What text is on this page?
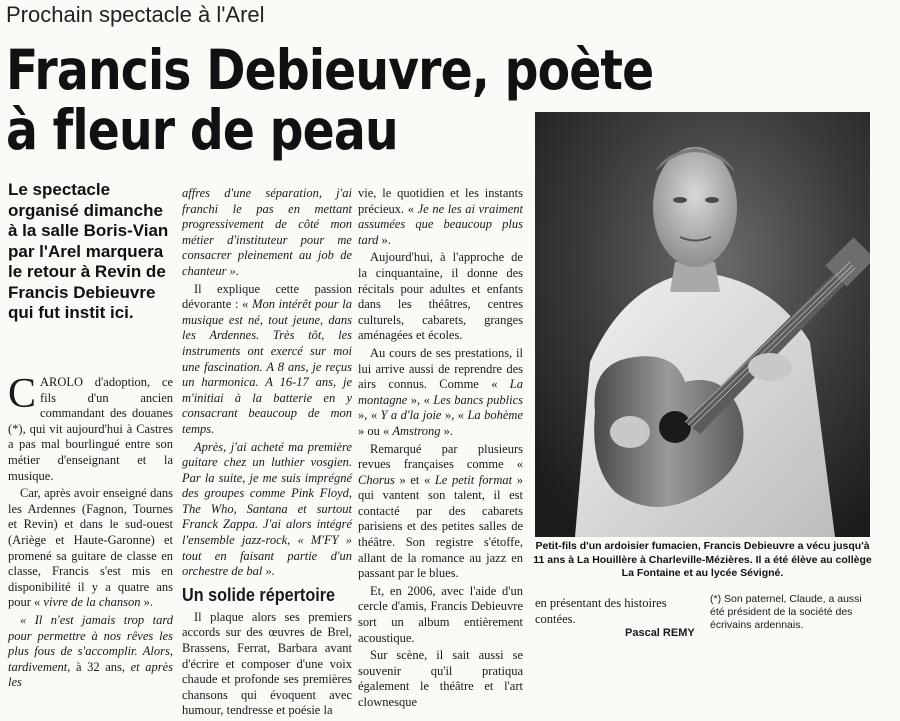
Prochain spectacle à l'Arel
Francis Debieuvre, poète
à fleur de peau
Le spectacle organisé dimanche à la salle Boris-Vian par l'Arel marquera le retour à Revin de Francis Debieuvre qui fut instit ici.

CAROLO d'adoption, ce fils d'un ancien commandant des douanes (*), qui vit aujourd'hui à Castres a pas mal bourlingué entre son métier d'enseignant et la musique.

Car, après avoir enseigné dans les Ardennes (Fagnon, Tournes et Revin) et dans le sud-ouest (Ariège et Haute-Garonne) et promené sa guitare de classe en classe, Francis s'est mis en disponibilité il y a quatre ans pour « vivre de la chanson ».

« Il n'est jamais trop tard pour permettre à nos rêves les plus fous de s'accomplir. Alors, tardivement, à 32 ans, et après les

affres d'une séparation, j'ai franchi le pas en mettant progressivement de côté mon métier d'instituteur pour me consacrer pleinement au job de chanteur ».

Il explique cette passion dévorante : « Mon intérêt pour la musique est né, tout jeune, dans les Ardennes. Très tôt, les instruments ont exercé sur moi une fascination. A 8 ans, je reçus un harmonica. A 16-17 ans, je m'initiai à la batterie en y consacrant beaucoup de mon temps.

Après, j'ai acheté ma première guitare chez un luthier vosgien. Par la suite, je me suis imprégné des groupes comme Pink Floyd, The Who, Santana et surtout Franck Zappa. J'ai alors intégré l'ensemble jazz-rock, « M'FY » tout en faisant partie d'un orchestre de bal ».

Un solide répertoire

Il plaque alors ses premiers accords sur des œuvres de Brel, Brassens, Ferrat, Barbara avant d'écrire et composer d'une voix chaude et profonde ses premières chansons qui évoquent avec humour, tendresse et poésie la

vie, le quotidien et les instants précieux. « Je ne les ai vraiment assumées que beaucoup plus tard ».

Aujourd'hui, à l'approche de la cinquantaine, il donne des récitals pour adultes et enfants dans les théâtres, centres culturels, cabarets, granges aménagées et écoles.

Au cours de ses prestations, il lui arrive aussi de reprendre des airs connus. Comme « La montagne », « Les bancs publics », « Y a d'la joie », « La bohème » ou « Amstrong ».

Remarqué par plusieurs revues françaises comme « Chorus » et « Le petit format » qui vantent son talent, il est contacté par des cabarets parisiens et des petites salles de théâtre. Son registre s'étoffe, allant de la romance au jazz en passant par le blues.

Et, en 2006, avec l'aide d'un cercle d'amis, Francis Debieuvre sort un album entièrement acoustique.

Sur scène, il sait aussi se souvenir qu'il pratiqua également le théâtre et l'art clownesque

Petit-fils d'un ardoisier fumacien, Francis Debieuvre a vécu jusqu'à 11 ans à La Houillère à Charleville-Mézières. Il a été élève au collège La Fontaine et au lycée Sévigné.
en présentant des histoires contées.
Pascal REMY
(*) Son paternel, Claude, a aussi été président de la société des écrivains ardennais.
